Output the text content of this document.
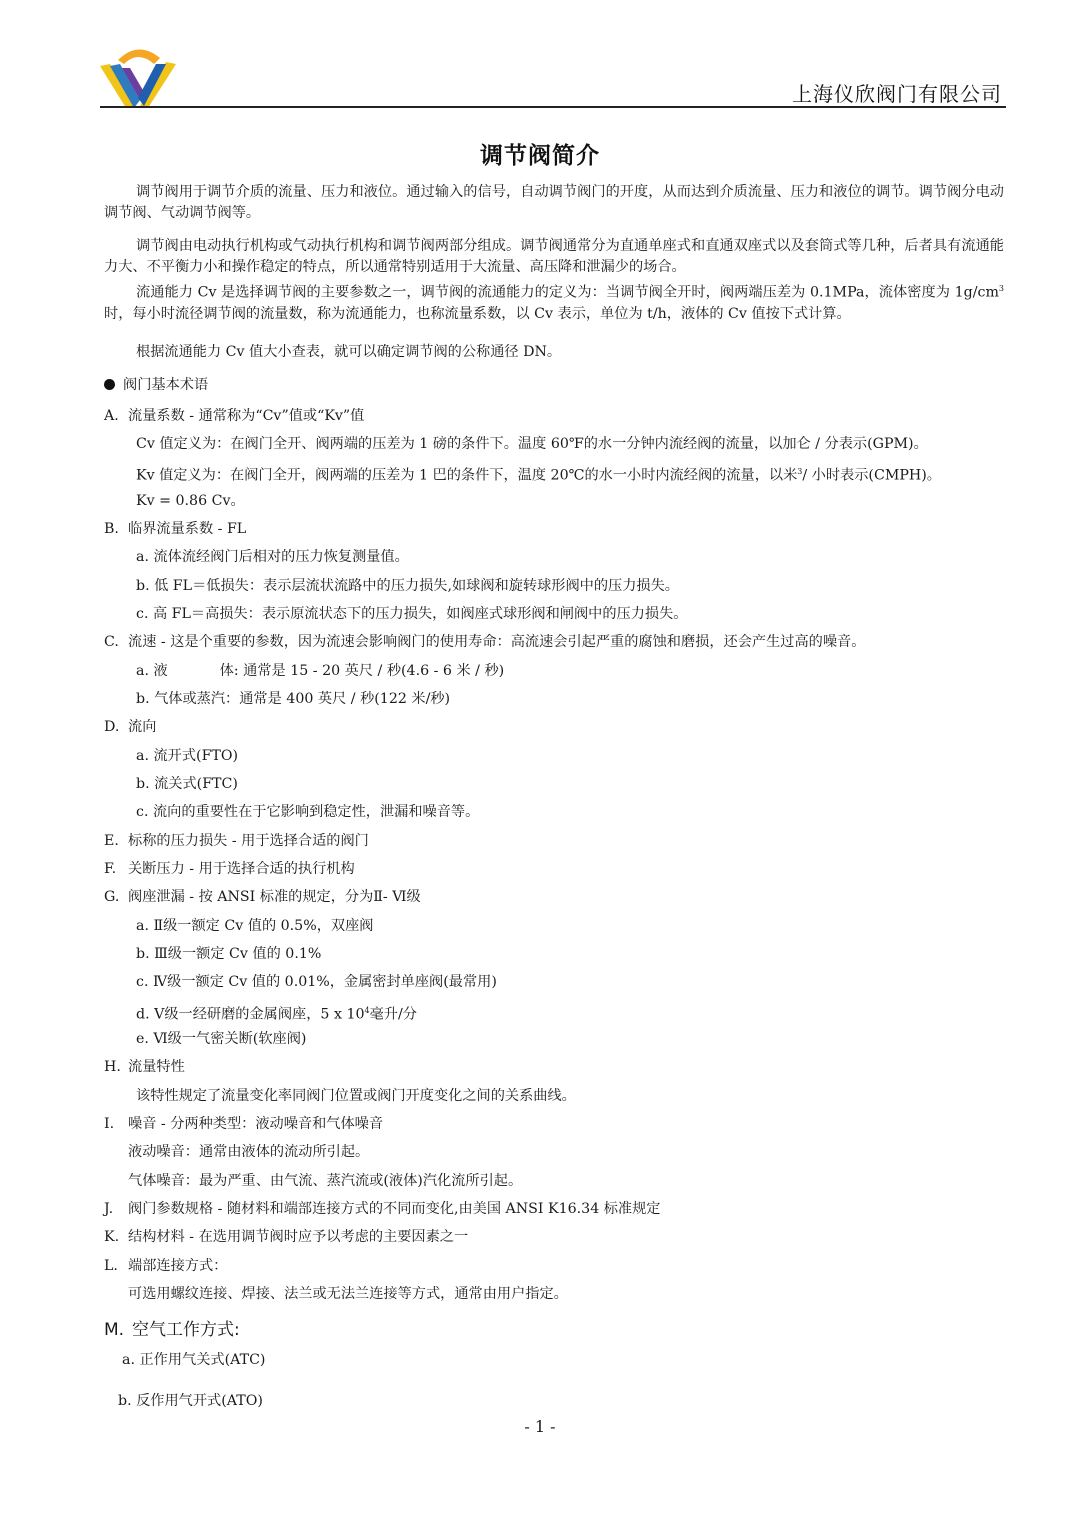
上海仪欣阀门有限公司
调节阀简介
调节阀用于调节介质的流量、压力和液位。通过输入的信号，自动调节阀门的开度，从而达到介质流量、压力和液位的调节。调节阀分电动调节阀、气动调节阀等。
调节阀由电动执行机构或气动执行机构和调节阀两部分组成。调节阀通常分为直通单座式和直通双座式以及套筒式等几种，后者具有流通能力大、不平衡力小和操作稳定的特点，所以通常特别适用于大流量、高压降和泄漏少的场合。
流通能力 Cv 是选择调节阀的主要参数之一，调节阀的流通能力的定义为：当调节阀全开时，阀两端压差为 0.1MPa，流体密度为 $1g/cm^3$时，每小时流径调节阀的流量数，称为流通能力，也称流量系数，以 Cv 表示，单位为 t/h，液体的 Cv 值按下式计算。
根据流通能力 Cv 值大小查表，就可以确定调节阀的公称通径 DN。
阀门基本术语
A. 流量系数 - 通常称为“Cv”值或“Kv”值
Cv 值定义为：在阀门全开、阀两端的压差为 1 磅的条件下。温度 60℉的水一分钟内流经阀的流量，以加仑 / 分表示(GPM)。
Kv 值定义为：在阀门全开，阀两端的压差为 1 巴的条件下，温度 20℃的水一小时内流经阀的流量，以米$^3$/ 小时表示(CMPH)。
Kv = 0.86 Cv。
B. 临界流量系数 - FL
a. 流体流经阀门后相对的压力恢复测量值。
b. 低 FL＝低损失：表示层流状流路中的压力损失,如球阀和旋转球形阀中的压力损失。
c. 高 FL＝高损失：表示原流状态下的压力损失，如阀座式球形阀和闸阀中的压力损失。
C. 流速 - 这是个重要的参数，因为流速会影响阀门的使用寿命：高流速会引起严重的腐蚀和磨损，还会产生过高的噪音。
a. 液	体: 通常是 15 - 20 英尺 / 秒(4.6 - 6 米 / 秒)
b. 气体或蒸汽：通常是 400 英尺 / 秒(122 米/秒)
D. 流向
a. 流开式(FTO)
b. 流关式(FTC)
c. 流向的重要性在于它影响到稳定性，泄漏和噪音等。
E. 标称的压力损失 - 用于选择合适的阀门
F. 关断压力 - 用于选择合适的执行机构
G. 阀座泄漏 - 按 ANSI 标准的规定，分为Ⅱ- Ⅵ级
a. Ⅱ级一额定 Cv 值的 0.5%，双座阀
b. Ⅲ级一额定 Cv 值的 0.1%
c. Ⅳ级一额定 Cv 值的 0.01%，金属密封单座阀(最常用)
d. Ⅴ级一经研磨的金属阀座，5 x $10^4$毫升/分
e. Ⅵ级一气密关断(软座阀)
H. 流量特性
该特性规定了流量变化率同阀门位置或阀门开度变化之间的关系曲线。
I. 噪音 - 分两种类型：液动噪音和气体噪音
液动噪音：通常由液体的流动所引起。
气体噪音：最为严重、由气流、蒸汽流或(液体)汽化流所引起。
J. 阀门参数规格 - 随材料和端部连接方式的不同而变化,由美国 ANSI K16.34 标准规定
K. 结构材料 - 在选用调节阀时应予以考虑的主要因素之一
L. 端部连接方式：
可选用螺纹连接、焊接、法兰或无法兰连接等方式，通常由用户指定。
M. 空气工作方式:
a. 正作用气关式(ATC)
b. 反作用气开式(ATO)
- 1 -
